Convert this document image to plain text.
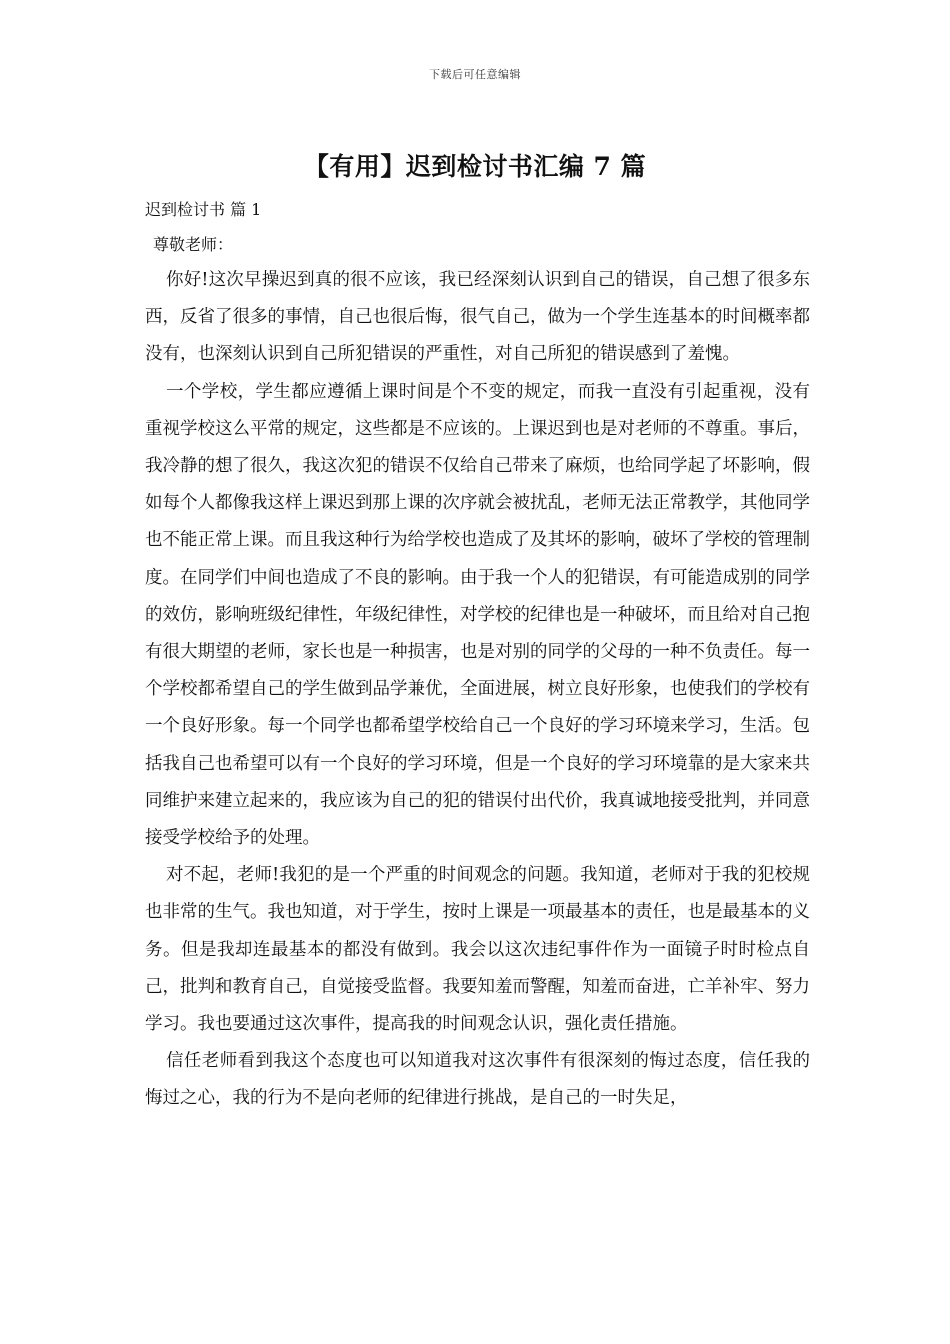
下载后可任意编辑
【有用】迟到检讨书汇编 7 篇
迟到检讨书 篇 1
尊敬老师：

你好!这次早操迟到真的很不应该，我已经深刻认识到自己的错误，自己想了很多东西，反省了很多的事情，自己也很后悔，很气自己，做为一个学生连基本的时间概率都没有，也深刻认识到自己所犯错误的严重性，对自己所犯的错误感到了羞愧。

一个学校，学生都应遵循上课时间是个不变的规定，而我一直没有引起重视，没有重视学校这么平常的规定，这些都是不应该的。上课迟到也是对老师的不尊重。事后，我冷静的想了很久，我这次犯的错误不仅给自己带来了麻烦，也给同学起了坏影响，假如每个人都像我这样上课迟到那上课的次序就会被扰乱，老师无法正常教学，其他同学也不能正常上课。而且我这种行为给学校也造成了及其坏的影响，破坏了学校的管理制度。在同学们中间也造成了不良的影响。由于我一个人的犯错误，有可能造成别的同学的效仿，影响班级纪律性，年级纪律性，对学校的纪律也是一种破坏，而且给对自己抱有很大期望的老师，家长也是一种损害，也是对别的同学的父母的一种不负责任。每一个学校都希望自己的学生做到品学兼优，全面进展，树立良好形象，也使我们的学校有一个良好形象。每一个同学也都希望学校给自己一个良好的学习环境来学习，生活。包括我自己也希望可以有一个良好的学习环境，但是一个良好的学习环境靠的是大家来共同维护来建立起来的，我应该为自己的犯的错误付出代价，我真诚地接受批判，并同意接受学校给予的处理。

对不起，老师!我犯的是一个严重的时间观念的问题。我知道，老师对于我的犯校规也非常的生气。我也知道，对于学生，按时上课是一项最基本的责任，也是最基本的义务。但是我却连最基本的都没有做到。我会以这次违纪事件作为一面镜子时时检点自己，批判和教育自己，自觉接受监督。我要知羞而警醒，知羞而奋进，亡羊补牢、努力学习。我也要通过这次事件，提高我的时间观念认识，强化责任措施。

信任老师看到我这个态度也可以知道我对这次事件有很深刻的悔过态度，信任我的悔过之心，我的行为不是向老师的纪律进行挑战，是自己的一时失足，
